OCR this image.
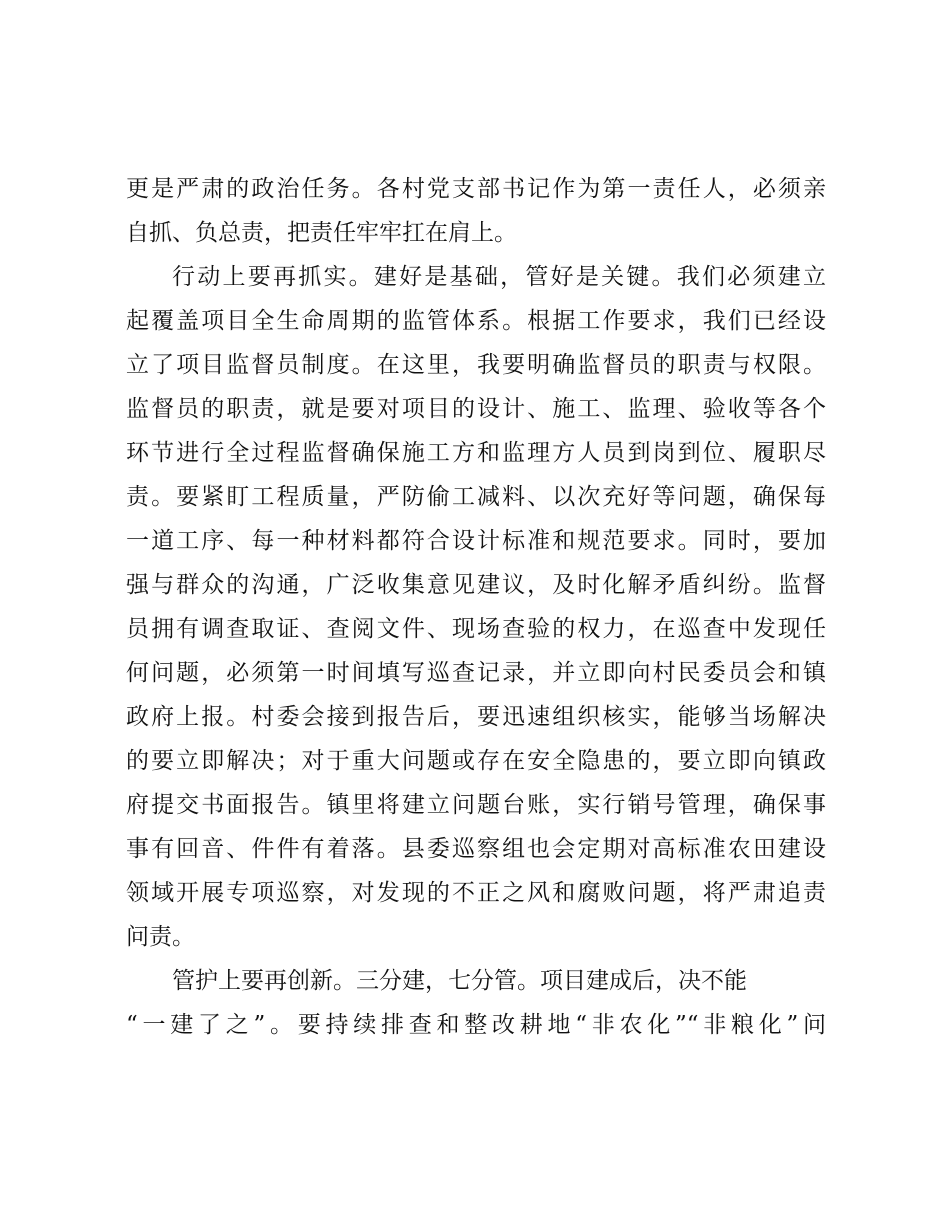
更是严肃的政治任务。各村党支部书记作为第一责任人，必须亲
自抓、负总责，把责任牢牢扛在肩上。
行动上要再抓实。建好是基础，管好是关键。我们必须建立
起覆盖项目全生命周期的监管体系。根据工作要求，我们已经设
立了项目监督员制度。在这里，我要明确监督员的职责与权限。
监督员的职责，就是要对项目的设计、施工、监理、验收等各个
环节进行全过程监督确保施工方和监理方人员到岗到位、履职尽
责。要紧盯工程质量，严防偷工减料、以次充好等问题，确保每
一道工序、每一种材料都符合设计标准和规范要求。同时，要加
强与群众的沟通，广泛收集意见建议，及时化解矛盾纠纷。监督
员拥有调查取证、查阅文件、现场查验的权力，在巡查中发现任
何问题，必须第一时间填写巡查记录，并立即向村民委员会和镇
政府上报。村委会接到报告后，要迅速组织核实，能够当场解决
的要立即解决；对于重大问题或存在安全隐患的，要立即向镇政
府提交书面报告。镇里将建立问题台账，实行销号管理，确保事
事有回音、件件有着落。县委巡察组也会定期对高标准农田建设
领域开展专项巡察，对发现的不正之风和腐败问题，将严肃追责
问责。
管护上要再创新。三分建，七分管。项目建成后，决不能
“一建了之”。要持续排查和整改耕地“非农化”“非粮化”问
